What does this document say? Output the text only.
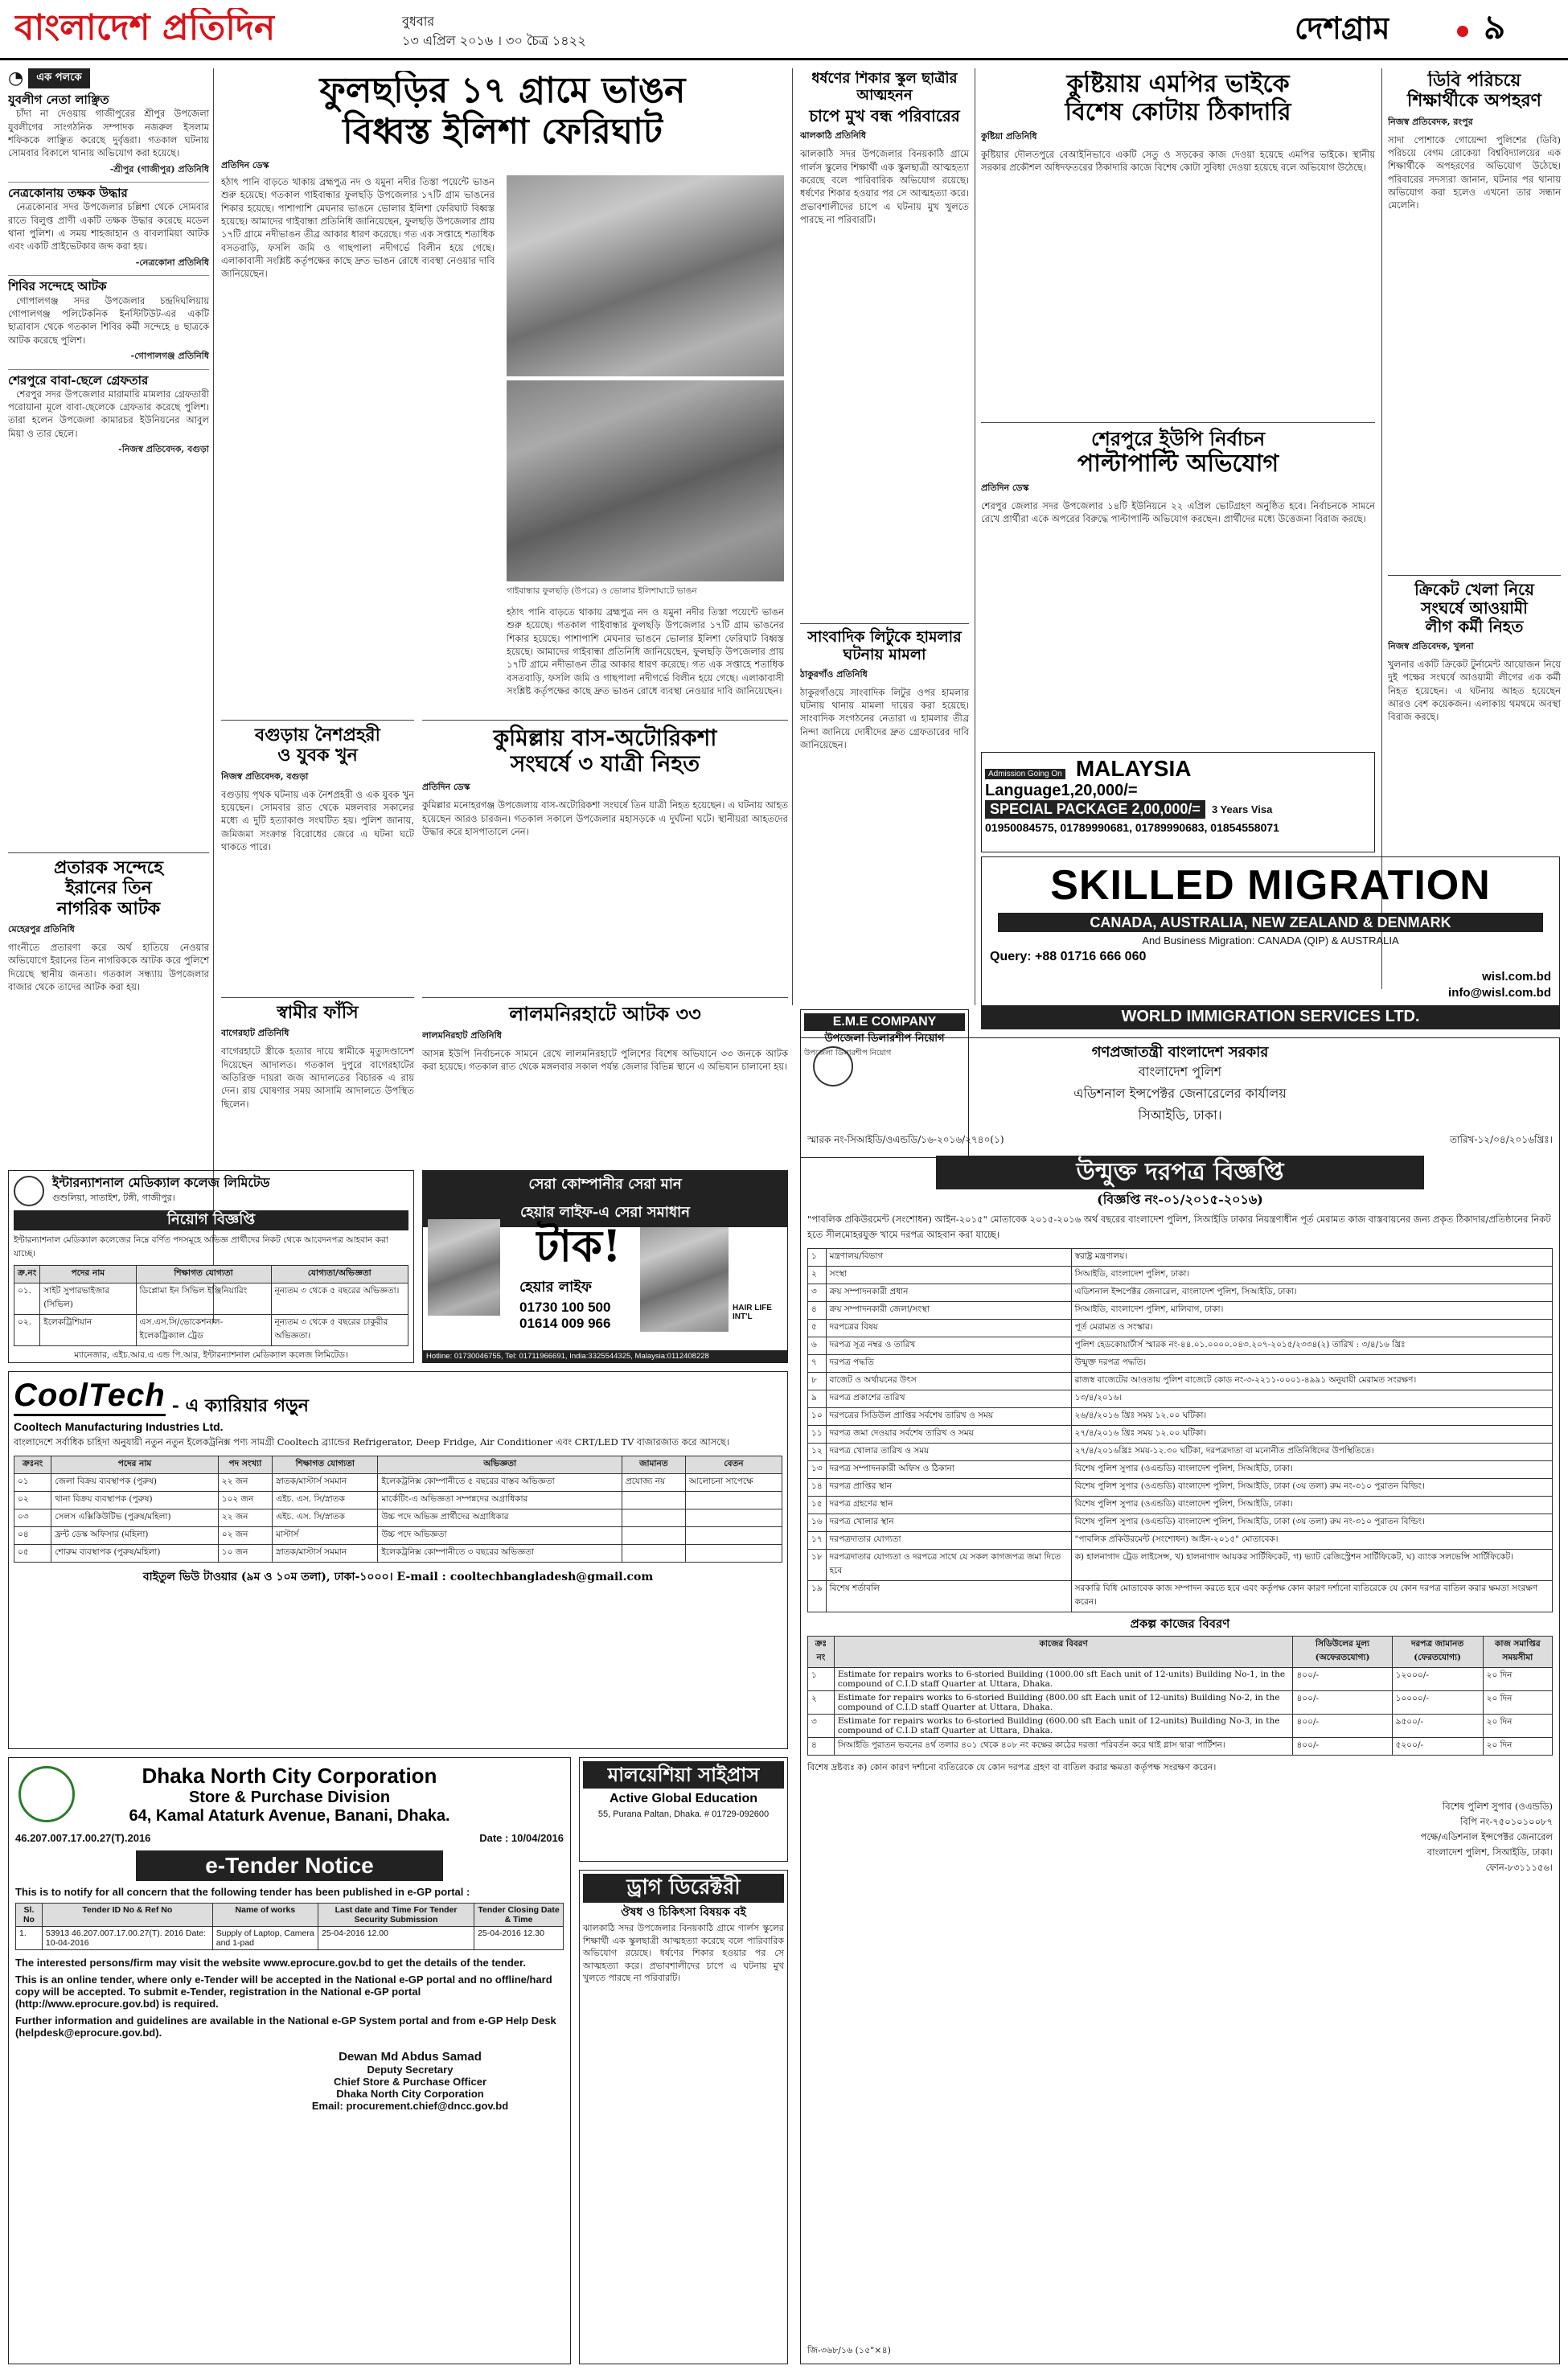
বাংলাদেশ প্রতিদিন	বুধবার
১৩ এপ্রিল ২০১৬ । ৩০ চৈত্র ১৪২২	দেশগ্রাম	৯
◔	এক পলকে
যুবলীগ নেতা লাঞ্ছিত

চাঁদা না দেওয়ায় গাজীপুরের শ্রীপুর উপজেলা যুবলীগের সাংগঠনিক সম্পাদক নজরুল ইসলাম শফিককে লাঞ্ছিত করেছে দুর্বৃত্তরা। গতকাল ঘটনায় সোমবার বিকালে থানায় অভিযোগ করা হয়েছে।

-শ্রীপুর (গাজীপুর) প্রতিনিধি
নেত্রকোনায় তক্ষক উদ্ধার

নেত্রকোনার সদর উপজেলার চল্লিশা থেকে সোমবার রাতে বিলুপ্ত প্রাণী একটি তক্ষক উদ্ধার করেছে মডেল থানা পুলিশ। এ সময় শাহজাহান ও বাবলামিয়া আটক এবং একটি প্রাইভেটকার জব্দ করা হয়।

-নেত্রকোনা প্রতিনিধি
শিবির সন্দেহে আটক

গোপালগঞ্জ সদর উপজেলার চন্দ্রদিঘলিয়ায় গোপালগঞ্জ পলিটেকনিক ইনস্টিটিউট-এর একটি ছাত্রাবাস থেকে গতকাল শিবির কর্মী সন্দেহে ৪ ছাত্রকে আটক করেছে পুলিশ।

-গোপালগঞ্জ প্রতিনিধি
শেরপুরে বাবা-ছেলে গ্রেফতার

শেরপুর সদর উপজেলার মারামারি মামলার গ্রেফতারী পরোয়ানা মূলে বাবা-ছেলেকে গ্রেফতার করেছে পুলিশ। তারা হলেন উপজেলা কামারচর ইউনিয়নের আবুল মিয়া ও তার ছেলে।

-নিজস্ব প্রতিবেদক, বগুড়া
ফুলছড়ির ১৭ গ্রামে ভাঙন
বিধ্বস্ত ইলিশা ফেরিঘাট
প্রতিদিন ডেস্ক
হঠাৎ পানি বাড়তে থাকায় ব্রহ্মপুত্র নদ ও যমুনা নদীর তিস্তা পয়েন্টে ভাঙন শুরু হয়েছে। গতকাল গাইবান্ধার ফুলছড়ি উপজেলার ১৭টি গ্রাম ভাঙনের শিকার হয়েছে। পাশাপাশি মেঘনার ভাঙনে ভোলার ইলিশা ফেরিঘাট বিধ্বস্ত হয়েছে। আমাদের গাইবান্ধা প্রতিনিধি জানিয়েছেন, ফুলছড়ি উপজেলার প্রায় ১৭টি গ্রামে নদীভাঙন তীব্র আকার ধারণ করেছে। গত এক সপ্তাহে শতাধিক বসতবাড়ি, ফসলি জমি ও গাছপালা নদীগর্ভে বিলীন হয়ে গেছে। এলাকাবাসী সংশ্লিষ্ট কর্তৃপক্ষের কাছে দ্রুত ভাঙন রোধে ব্যবস্থা নেওয়ার দাবি জানিয়েছেন।
গাইবান্ধার ফুলছড়ি (উপরে) ও ভোলার ইলিশাঘাটে ভাঙন
হঠাৎ পানি বাড়তে থাকায় ব্রহ্মপুত্র নদ ও যমুনা নদীর তিস্তা পয়েন্টে ভাঙন শুরু হয়েছে। গতকাল গাইবান্ধার ফুলছড়ি উপজেলার ১৭টি গ্রাম ভাঙনের শিকার হয়েছে। পাশাপাশি মেঘনার ভাঙনে ভোলার ইলিশা ফেরিঘাট বিধ্বস্ত হয়েছে। আমাদের গাইবান্ধা প্রতিনিধি জানিয়েছেন, ফুলছড়ি উপজেলার প্রায় ১৭টি গ্রামে নদীভাঙন তীব্র আকার ধারণ করেছে। গত এক সপ্তাহে শতাধিক বসতবাড়ি, ফসলি জমি ও গাছপালা নদীগর্ভে বিলীন হয়ে গেছে। এলাকাবাসী সংশ্লিষ্ট কর্তৃপক্ষের কাছে দ্রুত ভাঙন রোধে ব্যবস্থা নেওয়ার দাবি জানিয়েছেন।
ধর্ষণের শিকার স্কুল ছাত্রীর আত্মহনন
চাপে মুখ বন্ধ পরিবারের
ঝালকাঠি প্রতিনিধি
ঝালকাঠি সদর উপজেলার বিনয়কাঠি গ্রামে গার্লস স্কুলের শিক্ষার্থী এক স্কুলছাত্রী আত্মহত্যা করেছে বলে পারিবারিক অভিযোগ রয়েছে। ধর্ষণের শিকার হওয়ার পর সে আত্মহত্যা করে। প্রভাবশালীদের চাপে এ ঘটনায় মুখ খুলতে পারছে না পরিবারটি।
সাংবাদিক লিটুকে হামলার
ঘটনায় মামলা
ঠাকুরগাঁও প্রতিনিধি
ঠাকুরগাঁওয়ে সাংবাদিক লিটুর ওপর হামলার ঘটনায় থানায় মামলা দায়ের করা হয়েছে। সাংবাদিক সংগঠনের নেতারা এ হামলার তীব্র নিন্দা জানিয়ে দোষীদের দ্রুত গ্রেফতারের দাবি জানিয়েছেন।
কুষ্টিয়ায় এমপির ভাইকে
বিশেষ কোটায় ঠিকাদারি
কুষ্টিয়া প্রতিনিধি
কুষ্টিয়ার দৌলতপুরে বেআইনিভাবে একটি সেতু ও সড়কের কাজ দেওয়া হয়েছে এমপির ভাইকে। স্থানীয় সরকার প্রকৌশল অধিদফতরের ঠিকাদারি কাজে বিশেষ কোটা সুবিধা দেওয়া হয়েছে বলে অভিযোগ উঠেছে।
শেরপুরে ইউপি নির্বাচন
পাল্টাপাল্টি অভিযোগ
প্রতিদিন ডেস্ক
শেরপুর জেলার সদর উপজেলার ১৪টি ইউনিয়নে ২২ এপ্রিল ভোটগ্রহণ অনুষ্ঠিত হবে। নির্বাচনকে সামনে রেখে প্রার্থীরা একে অপরের বিরুদ্ধে পাল্টাপাল্টি অভিযোগ করছেন। প্রার্থীদের মধ্যে উত্তেজনা বিরাজ করছে।
ডিবি পরিচয়ে
শিক্ষার্থীকে অপহরণ
নিজস্ব প্রতিবেদক, রংপুর
সাদা পোশাকে গোয়েন্দা পুলিশের (ডিবি) পরিচয়ে বেগম রোকেয়া বিশ্ববিদ্যালয়ের এক শিক্ষার্থীকে অপহরণের অভিযোগ উঠেছে। পরিবারের সদস্যরা জানান, ঘটনার পর থানায় অভিযোগ করা হলেও এখনো তার সন্ধান মেলেনি।
ক্রিকেট খেলা নিয়ে
সংঘর্ষে আওয়ামী
লীগ কর্মী নিহত
নিজস্ব প্রতিবেদক, খুলনা
খুলনার একটি ক্রিকেট টুর্নামেন্ট আয়োজন নিয়ে দুই পক্ষের সংঘর্ষে আওয়ামী লীগের এক কর্মী নিহত হয়েছেন। এ ঘটনায় আহত হয়েছেন আরও বেশ কয়েকজন। এলাকায় থমথমে অবস্থা বিরাজ করছে।
প্রতারক সন্দেহে
ইরানের তিন
নাগরিক আটক
মেহেরপুর প্রতিনিধি
গাংনীতে প্রতারণা করে অর্থ হাতিয়ে নেওয়ার অভিযোগে ইরানের তিন নাগরিককে আটক করে পুলিশে দিয়েছে স্থানীয় জনতা। গতকাল সন্ধ্যায় উপজেলার বাজার থেকে তাদের আটক করা হয়।
বগুড়ায় নৈশপ্রহরী
ও যুবক খুন
নিজস্ব প্রতিবেদক, বগুড়া
বগুড়ায় পৃথক ঘটনায় এক নৈশপ্রহরী ও এক যুবক খুন হয়েছেন। সোমবার রাত থেকে মঙ্গলবার সকালের মধ্যে এ দুটি হত্যাকাণ্ড সংঘটিত হয়। পুলিশ জানায়, জমিজমা সংক্রান্ত বিরোধের জেরে এ ঘটনা ঘটে থাকতে পারে।
স্বামীর ফাঁসি
বাগেরহাট প্রতিনিধি
বাগেরহাটে স্ত্রীকে হত্যার দায়ে স্বামীকে মৃত্যুদণ্ডাদেশ দিয়েছেন আদালত। গতকাল দুপুরে বাগেরহাটের অতিরিক্ত দায়রা জজ আদালতের বিচারক এ রায় দেন। রায় ঘোষণার সময় আসামি আদালতে উপস্থিত ছিলেন।
কুমিল্লায় বাস-অটোরিকশা
সংঘর্ষে ৩ যাত্রী নিহত
প্রতিদিন ডেস্ক
কুমিল্লার মনোহরগঞ্জ উপজেলায় বাস-অটোরিকশা সংঘর্ষে তিন যাত্রী নিহত হয়েছেন। এ ঘটনায় আহত হয়েছেন আরও চারজন। গতকাল সকালে উপজেলার মহাসড়কে এ দুর্ঘটনা ঘটে। স্থানীয়রা আহতদের উদ্ধার করে হাসপাতালে নেন।
লালমনিরহাটে আটক ৩৩
লালমনিরহাট প্রতিনিধি
আসন্ন ইউপি নির্বাচনকে সামনে রেখে লালমনিরহাটে পুলিশের বিশেষ অভিযানে ৩৩ জনকে আটক করা হয়েছে। গতকাল রাত থেকে মঙ্গলবার সকাল পর্যন্ত জেলার বিভিন্ন স্থানে এ অভিযান চালানো হয়।
ইন্টারন্যাশনাল মেডিক্যাল কলেজ লিমিটেড
গুশুলিয়া, সাতাইশ, টঙ্গী, গাজীপুর।
নিয়োগ বিজ্ঞপ্তি
ইন্টারন্যাশনাল মেডিক্যাল কলেজের নিম্নে বর্ণিত পদসমূহে অভিজ্ঞ প্রার্থীদের নিকট থেকে আবেদনপত্র আহবান করা যাচ্ছে।
ক্র.নং	পদের নাম	শিক্ষাগত যোগ্যতা	যোগ্যতা/অভিজ্ঞতা
০১.	সাইট সুপারভাইজার (সিভিল)	ডিপ্লোমা ইন সিভিল ইঞ্জিনিয়ারিং	নূন্যতম ৩ থেকে ৫ বছরের অভিজ্ঞতা।
০২.	ইলেকট্রিশিয়ান	এস.এস.সি/ভোকেশনাল-ইলেকট্রিক্যাল ট্রেড	নূন্যতম ৩ থেকে ৫ বছরের চাকুরীর অভিজ্ঞতা।
ম্যানেজার, এইচ.আর.এ এন্ড পি.আর, ইন্টারন্যাশনাল মেডিক্যাল কলেজ লিমিটেড।
সেরা কোম্পানীর সেরা মান
হেয়ার লাইফ-এ সেরা সমাধান
টাক!
হেয়ার লাইফ
01730 100 500
01614 009 966
HAIR LIFE INT'L
Hotline: 01730046755, Tel: 01711966691, India:3325544325, Malaysia:0112408228
E.M.E COMPANY
উপজেলা ডিলারশীপ নিয়োগ
উপজেলা ডিলারশীপ নিয়োগ
Admission Going On MALAYSIA
Language1,20,000/=
SPECIAL PACKAGE 2,00,000/=	3 Years Visa
01950084575, 01789990681, 01789990683, 01854558071
SKILLED MIGRATION
CANADA, AUSTRALIA, NEW ZEALAND & DENMARK
And Business Migration: CANADA (QIP) & AUSTRALIA
Query: +88 01716 666 060
wisl.com.bd
info@wisl.com.bd
WORLD IMMIGRATION SERVICES LTD.
গণপ্রজাতন্ত্রী বাংলাদেশ সরকার
বাংলাদেশ পুলিশ
এডিশনাল ইন্সপেক্টর জেনারেলের কার্যালয়
সিআইডি, ঢাকা।
স্মারক নং-সিআইডি/ওএন্ডডি/১৬-২০১৬/২৭৪০(১)	তারিখ-১২/০৪/২০১৬খ্রিঃ।
উন্মুক্ত দরপত্র বিজ্ঞপ্তি
(বিজ্ঞপ্তি নং-০১/২০১৫-২০১৬)
"পাবলিক প্রকিউরমেন্ট (সংশোধন) আইন-২০১৫" মোতাবেক ২০১৫-২০১৬ অর্থ বছরের বাংলাদেশ পুলিশ, সিআইডি ঢাকার নিয়ন্ত্রণাধীন পূর্ত মেরামত কাজ বাস্তবায়নের জন্য প্রকৃত ঠিকাদার/প্রতিষ্ঠানের নিকট হতে সীলমোহরযুক্ত খামে দরপত্র আহবান করা যাচ্ছে।
১	মন্ত্রণালয়/বিভাগ	স্বরাষ্ট্র মন্ত্রণালয়।
২	সংস্থা	সিআইডি, বাংলাদেশ পুলিশ, ঢাকা।
৩	ক্রয় সম্পাদনকারী প্রধান	এডিশনাল ইন্সপেক্টর জেনারেল, বাংলাদেশ পুলিশ, সিআইডি, ঢাকা।
৪	ক্রয় সম্পাদনকারী জেলা/সংস্থা	সিআইডি, বাংলাদেশ পুলিশ, মালিবাগ, ঢাকা।
৫	দরপত্রের বিষয়	পূর্ত মেরামত ও সংস্কার।
৬	দরপত্র সূত্র নম্বর ও তারিখ	পুলিশ হেডকোয়ার্টার্স স্মারক নং-৪৪.০১.০০০০.০৪৩.২০৭-২০১৫/২৩৩৪(২) তারিখ : ৩/৪/১৬ খ্রিঃ
৭	দরপত্র পদ্ধতি	উন্মুক্ত দরপত্র পদ্ধতি।
৮	বাজেট ও অর্থায়নের উৎস	রাজস্ব বাজেটের আওতায় পুলিশ বাজেটে কোড নং-৩-২২১১-০০০১-৪৯৯১ অনুযায়ী মেরামত সংরক্ষণ।
৯	দরপত্র প্রকাশের তারিখ	১৩/৪/২০১৬।
১০	দরপত্রের সিডিউল প্রাপ্তির সর্বশেষ তারিখ ও সময়	২৬/৪/২০১৬ খ্রিঃ সময় ১২.০০ ঘটিকা।
১১	দরপত্র জমা দেওয়ার সর্বশেষ তারিখ ও সময়	২৭/৪/২০১৬ খ্রিঃ সময় ১২.০০ ঘটিকা।
১২	দরপত্র খোলার তারিখ ও সময়	২৭/৪/২০১৬খ্রিঃ সময়-১২.৩০ ঘটিকা, দরপত্রদাতা বা মনোনীত প্রতিনিধিদের উপস্থিতিতে।
১৩	দরপত্র সম্পাদনকারী অফিস ও ঠিকানা	বিশেষ পুলিশ সুপার (ওএন্ডডি) বাংলাদেশ পুলিশ, সিআইডি, ঢাকা।
১৪	দরপত্র প্রাপ্তির স্থান	বিশেষ পুলিশ সুপার (ওএন্ডডি) বাংলাদেশ পুলিশ, সিআইডি, ঢাকা (৩য় তলা) রুম নং-৩১০ পুরাতন বিল্ডিং।
১৫	দরপত্র গ্রহণের স্থান	বিশেষ পুলিশ সুপার (ওএন্ডডি) বাংলাদেশ পুলিশ, সিআইডি, ঢাকা।
১৬	দরপত্র খোলার স্থান	বিশেষ পুলিশ সুপার (ওএন্ডডি) বাংলাদেশ পুলিশ, সিআইডি, ঢাকা (৩য় তলা) রুম নং-৩১০ পুরাতন বিল্ডিং।
১৭	দরপত্রদাতার যোগ্যতা	"পাবলিক প্রকিউরমেন্ট (সংশোধন) আইন-২০১৫" মোতাবেক।
১৮	দরপত্রদাতার যোগ্যতা ও দরপত্রে সাথে যে সকল কাগজপত্র জমা দিতে হবে	ক) হালনাগাদ ট্রেড লাইসেন্স, খ) হালনাগাদ আয়কর সার্টিফিকেট, গ) ভ্যাট রেজিস্ট্রেশন সার্টিফিকেট, ঘ) ব্যাংক সলভেন্সি সার্টিফিকেট।
১৯	বিশেষ শর্তাবলি	সরকারি বিধি মোতাবেক কাজ সম্পাদন করতে হবে এবং কর্তৃপক্ষ কোন কারণ দর্শানো ব্যতিরেকে যে কোন দরপত্র বাতিল করার ক্ষমতা সংরক্ষণ করেন।
প্রকল্প কাজের বিবরণ
ক্রঃ নং	কাজের বিবরণ	সিডিউলের মূল্য (অফেরতযোগ্য)	দরপত্র জামানত (ফেরতযোগ্য)	কাজ সমাপ্তির সময়সীমা
১	Estimate for repairs works to 6-storied Building (1000.00 sft Each unit of 12-units) Building No-1, in the compound of C.I.D staff Quarter at Uttara, Dhaka.	৪০০/-	১২০০০/-	২০ দিন
২	Estimate for repairs works to 6-storied Building (800.00 sft Each unit of 12-units) Building No-2, in the compound of C.I.D staff Quarter at Uttara, Dhaka.	৪০০/-	১০০০০/-	২০ দিন
৩	Estimate for repairs works to 6-storied Building (600.00 sft Each unit of 12-units) Building No-3, in the compound of C.I.D staff Quarter at Uttara, Dhaka.	৪০০/-	৯৫০০/-	২০ দিন
৪	সিআইডি পুরাতন ভবনের ৪র্থ তলার ৪০১ থেকে ৪০৮ নং কক্ষের কাঠের দরজা পরিবর্তন করে থাই গ্লাস দ্বারা পার্টিশন।	৪০০/-	৫২০০/-	২০ দিন
বিশেষ দ্রষ্টব্যঃ ক) কোন কারণ দর্শানো ব্যতিরেকে যে কোন দরপত্র গ্রহণ বা বাতিল করার ক্ষমতা কর্তৃপক্ষ সংরক্ষণ করেন।
বিশেষ পুলিশ সুপার (ওএন্ডডি)
বিপি নং-৭৫০১০১০০৮৭
পক্ষে/এডিশনাল ইন্সপেক্টর জেনারেল
বাংলাদেশ পুলিশ, সিআইডি, ঢাকা।
ফোন-৮৩১১১৫৬।
জি-৩৬৮/১৬ (১৫"×৪)
CoolTech - এ ক্যারিয়ার গড়ুন
Cooltech Manufacturing Industries Ltd.
বাংলাদেশে সর্বাধিক চাহিদা অনুযায়ী নতুন নতুন ইলেকট্রনিক্স পণ্য সামগ্রী Cooltech ব্র্যান্ডের Refrigerator, Deep Fridge, Air Conditioner এবং CRT/LED TV বাজারজাত করে আসছে।
ক্রঃনং	পদের নাম	পদ সংখ্যা	শিক্ষাগত যোগ্যতা	অভিজ্ঞতা	জামানত	বেতন
০১	জেলা বিক্রয় ব্যবস্থাপক (পুরুষ)	২২ জন	স্নাতক/মাস্টার্স সমমান	ইলেকট্রনিক্স কোম্পানীতে ৫ বছরের বাস্তব অভিজ্ঞতা	প্রযোজ্য নয়	আলোচনা সাপেক্ষে
০২	থানা বিক্রয় ব্যবস্থাপক (পুরুষ)	১০২ জন	এইচ. এস. সি/স্নাতক	মার্কেটিং-এ অভিজ্ঞতা সম্পন্নদের অগ্রাধিকার		
০৩	সেলস এক্সিকিউটিভ (পুরুষ/মহিলা)	২২ জন	এইচ. এস. সি/স্নাতক	উচ্চ পদে অভিজ্ঞ প্রার্থীদের অগ্রাধিকার		
০৪	ফ্রন্ট ডেস্ক অফিসার (মহিলা)	০২ জন	মাস্টার্স	উচ্চ পদে অভিজ্ঞতা		
০৫	শোরুম ব্যবস্থাপক (পুরুষ/মহিলা)	১০ জন	স্নাতক/মাস্টার্স সমমান	ইলেকট্রনিক্স কোম্পানীতে ৩ বছরের অভিজ্ঞতা		
বাইতুল ভিউ টাওয়ার (৯ম ও ১০ম তলা), ঢাকা-১০০০। E-mail : cooltechbangladesh@gmail.com
Dhaka North City Corporation
Store & Purchase Division
64, Kamal Ataturk Avenue, Banani, Dhaka.
46.207.007.17.00.27(T).2016	Date : 10/04/2016
e-Tender Notice
This is to notify for all concern that the following tender has been published in e-GP portal :
Sl. No	Tender ID No & Ref No	Name of works	Last date and Time For Tender Security Submission	Tender Closing Date & Time
1.	53913 46.207.007.17.00.27(T). 2016 Date: 10-04-2016	Supply of Laptop, Camera and 1-pad	25-04-2016 12.00	25-04-2016 12.30
The interested persons/firm may visit the website www.eprocure.gov.bd to get the details of the tender.
This is an online tender, where only e-Tender will be accepted in the National e-GP portal and no offline/hard copy will be accepted. To submit e-Tender, registration in the National e-GP portal (http://www.eprocure.gov.bd) is required.
Further information and guidelines are available in the National e-GP System portal and from e-GP Help Desk (helpdesk@eprocure.gov.bd).
Dewan Md Abdus Samad
Deputy Secretary
Chief Store & Purchase Officer
Dhaka North City Corporation
Email: procurement.chief@dncc.gov.bd
মালয়েশিয়া সাইপ্রাস
Active Global Education
55, Purana Paltan, Dhaka. # 01729-092600
ড্রাগ ডিরেক্টরী
ঔষধ ও চিকিৎসা বিষয়ক বই
ঝালকাঠি সদর উপজেলার বিনয়কাঠি গ্রামে গার্লস স্কুলের শিক্ষার্থী এক স্কুলছাত্রী আত্মহত্যা করেছে বলে পারিবারিক অভিযোগ রয়েছে। ধর্ষণের শিকার হওয়ার পর সে আত্মহত্যা করে। প্রভাবশালীদের চাপে এ ঘটনায় মুখ খুলতে পারছে না পরিবারটি।
